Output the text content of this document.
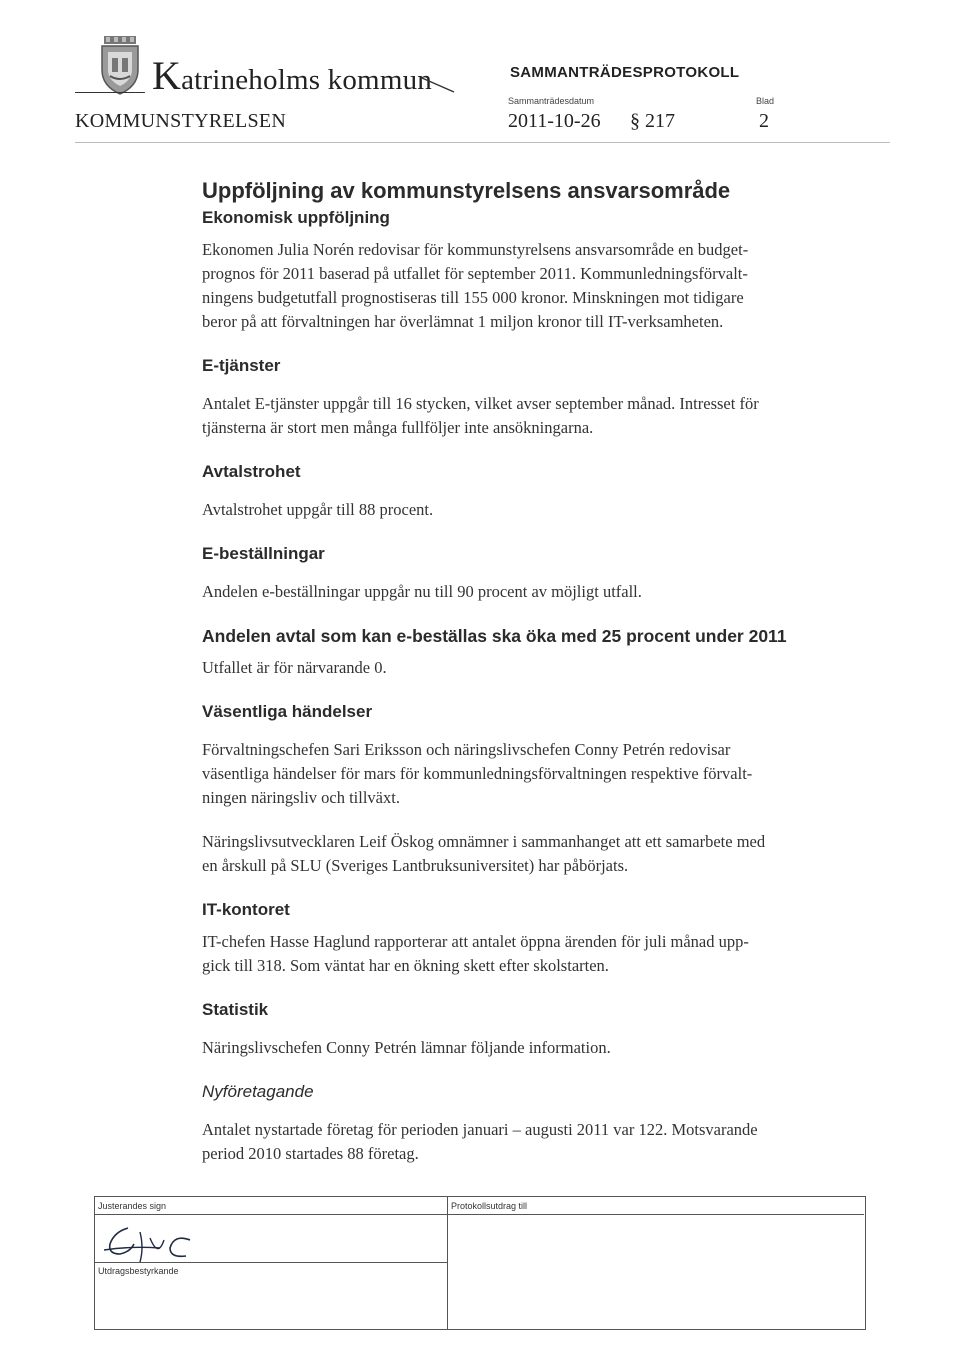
Katrineholms kommun	SAMMANTRÄDESPROTOKOLL
KOMMUNSTYRELSEN
Sammanträdesdatum
2011-10-26 § 217
Blad
2
Uppföljning av kommunstyrelsens ansvarsområde
Ekonomisk uppföljning

Ekonomen Julia Norén redovisar för kommunstyrelsens ansvarsområde en budget-
prognos för 2011 baserad på utfallet för september 2011. Kommunledningsförvalt-
ningens budgetutfall prognostiseras till 155 000 kronor. Minskningen mot tidigare
beror på att förvaltningen har överlämnat 1 miljon kronor till IT-verksamheten.

E-tjänster

Antalet E-tjänster uppgår till 16 stycken, vilket avser september månad. Intresset för
tjänsterna är stort men många fullföljer inte ansökningarna.

Avtalstrohet

Avtalstrohet uppgår till 88 procent.

E-beställningar

Andelen e-beställningar uppgår nu till 90 procent av möjligt utfall.

Andelen avtal som kan e-beställas ska öka med 25 procent under 2011

Utfallet är för närvarande 0.

Väsentliga händelser

Förvaltningschefen Sari Eriksson och näringslivschefen Conny Petrén redovisar
väsentliga händelser för mars för kommunledningsförvaltningen respektive förvalt-
ningen näringsliv och tillväxt.

Näringslivsutvecklaren Leif Öskog omnämner i sammanhanget att ett samarbete med
en årskull på SLU (Sveriges Lantbruksuniversitet) har påbörjats.

IT-kontoret

IT-chefen Hasse Haglund rapporterar att antalet öppna ärenden för juli månad upp-
gick till 318. Som väntat har en ökning skett efter skolstarten.

Statistik

Näringslivschefen Conny Petrén lämnar följande information.

Nyföretagande

Antalet nystartade företag för perioden januari – augusti 2011 var 122. Motsvarande
period 2010 startades 88 företag.

Justerandes sign	Protokollsutdrag till
Utdragsbestyrkande
